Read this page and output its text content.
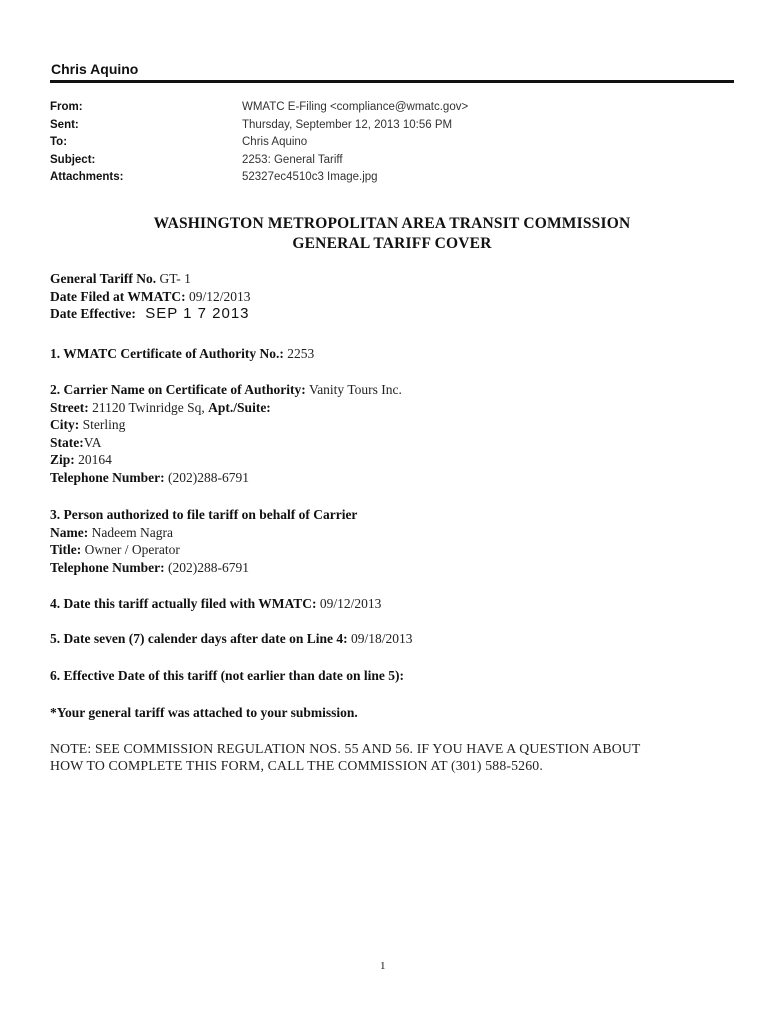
Chris Aquino
From:	WMATC E-Filing <compliance@wmatc.gov>
Sent:	Thursday, September 12, 2013 10:56 PM
To:	Chris Aquino
Subject:	2253: General Tariff
Attachments:	52327ec4510c3 Image.jpg
WASHINGTON METROPOLITAN AREA TRANSIT COMMISSION
GENERAL TARIFF COVER
General Tariff No. GT- 1
Date Filed at WMATC: 09/12/2013
Date Effective: SEP 1 7 2013
1. WMATC Certificate of Authority No.: 2253
2. Carrier Name on Certificate of Authority: Vanity Tours Inc.
Street: 21120 Twinridge Sq, Apt./Suite:
City: Sterling
State:VA
Zip: 20164
Telephone Number: (202)288-6791
3. Person authorized to file tariff on behalf of Carrier
Name: Nadeem Nagra
Title: Owner / Operator
Telephone Number: (202)288-6791
4. Date this tariff actually filed with WMATC: 09/12/2013
5. Date seven (7) calender days after date on Line 4: 09/18/2013
6. Effective Date of this tariff (not earlier than date on line 5):
*Your general tariff was attached to your submission.
NOTE: SEE COMMISSION REGULATION NOS. 55 AND 56. IF YOU HAVE A QUESTION ABOUT
HOW TO COMPLETE THIS FORM, CALL THE COMMISSION AT (301) 588-5260.
1
